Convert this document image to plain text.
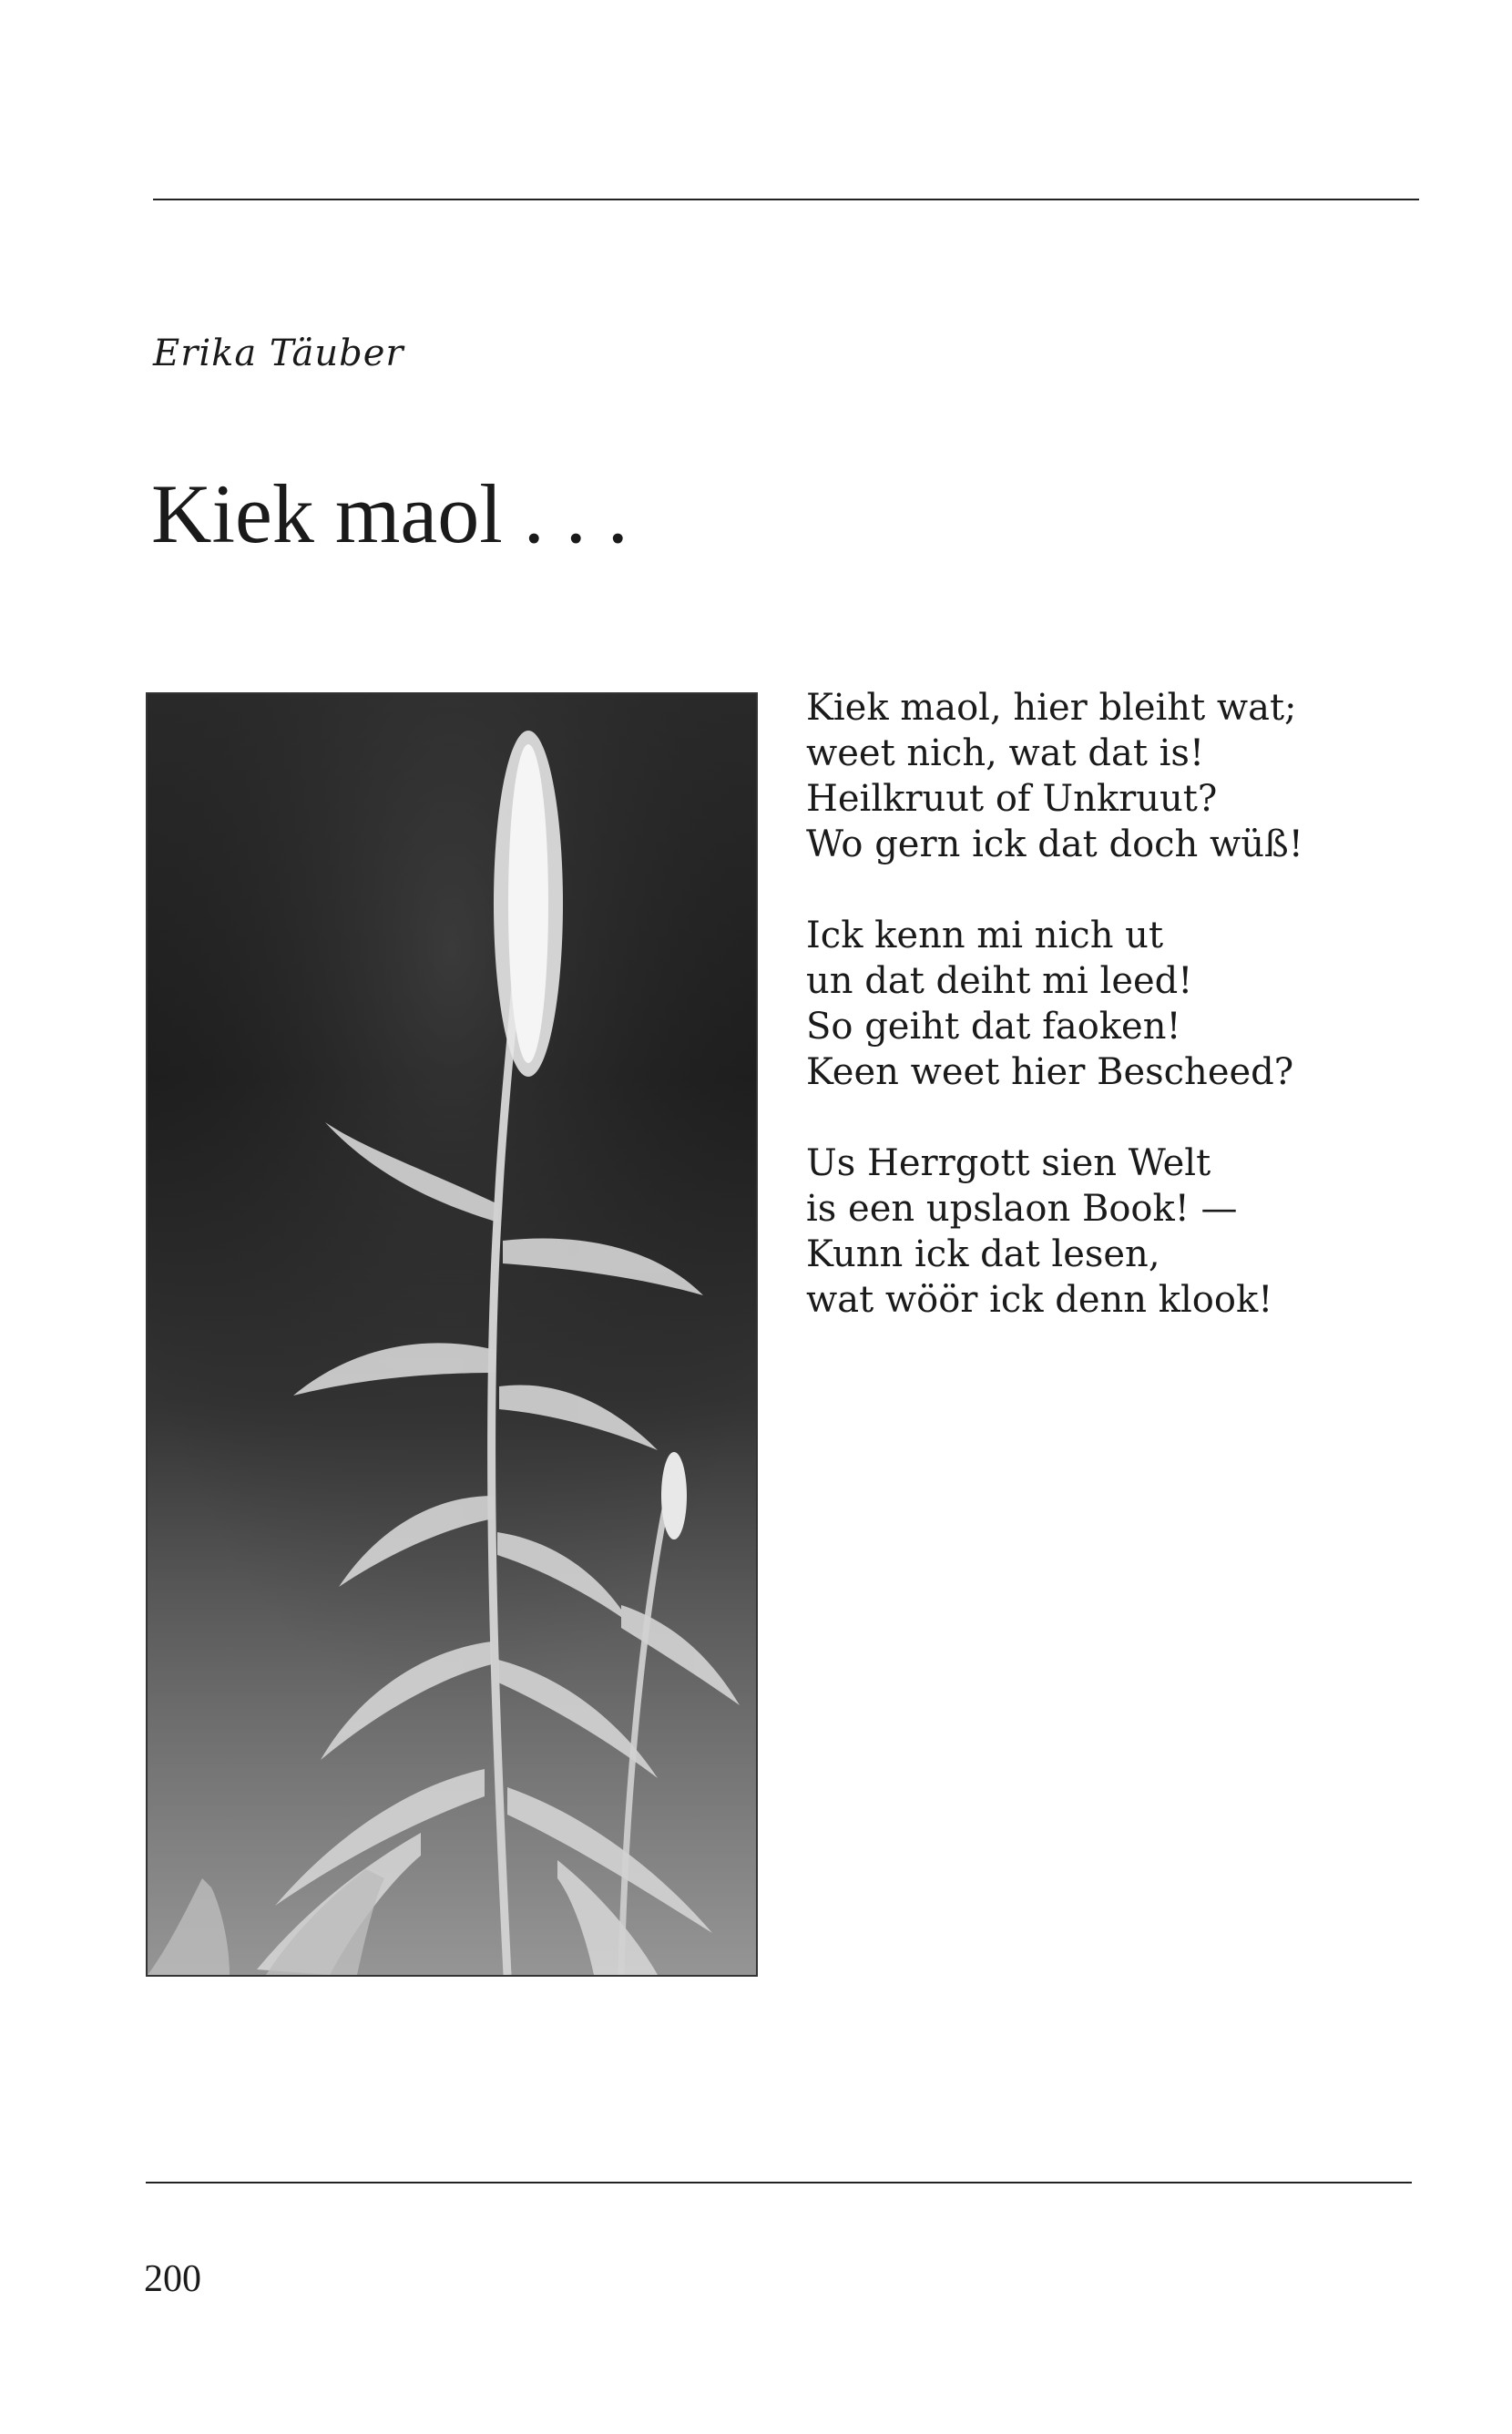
Erika Täuber
Kiek maol . . .
Kiek maol, hier bleiht wat;
weet nich, wat dat is!
Heilkruut of Unkruut?
Wo gern ick dat doch wüß!
Ick kenn mi nich ut
un dat deiht mi leed!
So geiht dat faoken!
Keen weet hier Bescheed?
Us Herrgott sien Welt
is een upslaon Book! —
Kunn ick dat lesen,
wat wöör ick denn klook!
200
